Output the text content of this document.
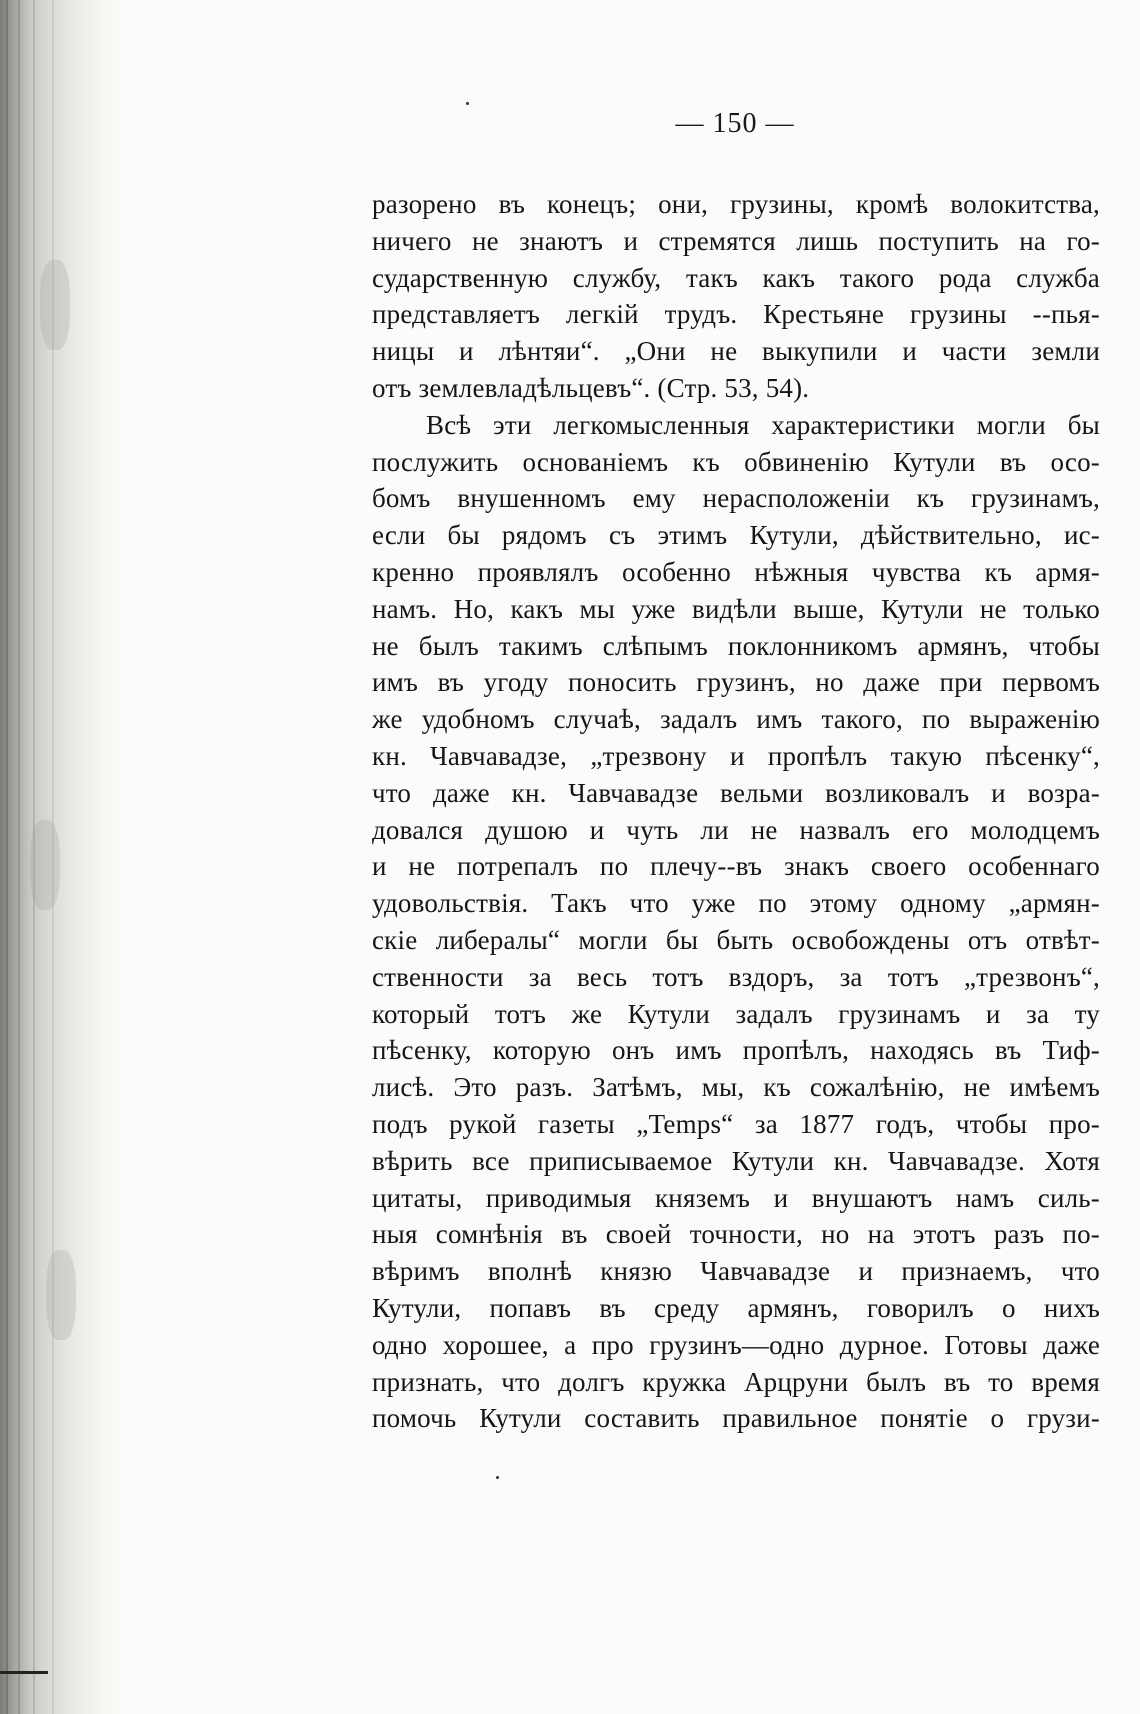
— 150 —
разорено въ конецъ; они, грузины, кромѣ волокитства,
ничего не знаютъ и стремятся лишь поступить на го-
сударственную службу, такъ какъ такого рода служба
представляетъ легкій трудъ. Крестьяне грузины --пья-
ницы и лѣнтяи“. „Они не выкупили и части земли
отъ землевладѣльцевъ“. (Стр. 53, 54).
Всѣ эти легкомысленныя характеристики могли бы
послужить основаніемъ къ обвиненію Кутули въ осо-
бомъ внушенномъ ему нерасположеніи къ грузинамъ,
если бы рядомъ съ этимъ Кутули, дѣйствительно, ис-
кренно проявлялъ особенно нѣжныя чувства къ армя-
намъ. Но, какъ мы уже видѣли выше, Кутули не только
не былъ такимъ слѣпымъ поклонникомъ армянъ, чтобы
имъ въ угоду поносить грузинъ, но даже при первомъ
же удобномъ случаѣ, задалъ имъ такого, по выраженію
кн. Чавчавадзе, „трезвону и пропѣлъ такую пѣсенку“,
что даже кн. Чавчавадзе вельми возликовалъ и возра-
довался душою и чуть ли не назвалъ его молодцемъ
и не потрепалъ по плечу--въ знакъ своего особеннаго
удовольствія. Такъ что уже по этому одному „армян-
скіе либералы“ могли бы быть освобождены отъ отвѣт-
ственности за весь тотъ вздоръ, за тотъ „трезвонъ“,
который тотъ же Кутули задалъ грузинамъ и за ту
пѣсенку, которую онъ имъ пропѣлъ, находясь въ Тиф-
лисѣ. Это разъ. Затѣмъ, мы, къ сожалѣнію, не имѣемъ
подъ рукой газеты „Temps“ за 1877 годъ, чтобы про-
вѣрить все приписываемое Кутули кн. Чавчавадзе. Хотя
цитаты, приводимыя княземъ и внушаютъ намъ силь-
ныя сомнѣнія въ своей точности, но на этотъ разъ по-
вѣримъ вполнѣ князю Чавчавадзе и признаемъ, что
Кутули, попавъ въ среду армянъ, говорилъ о нихъ
одно хорошее, а про грузинъ—одно дурное. Готовы даже
признать, что долгъ кружка Арцруни былъ въ то время
помочь Кутули составить правильное понятіе о грузи-
